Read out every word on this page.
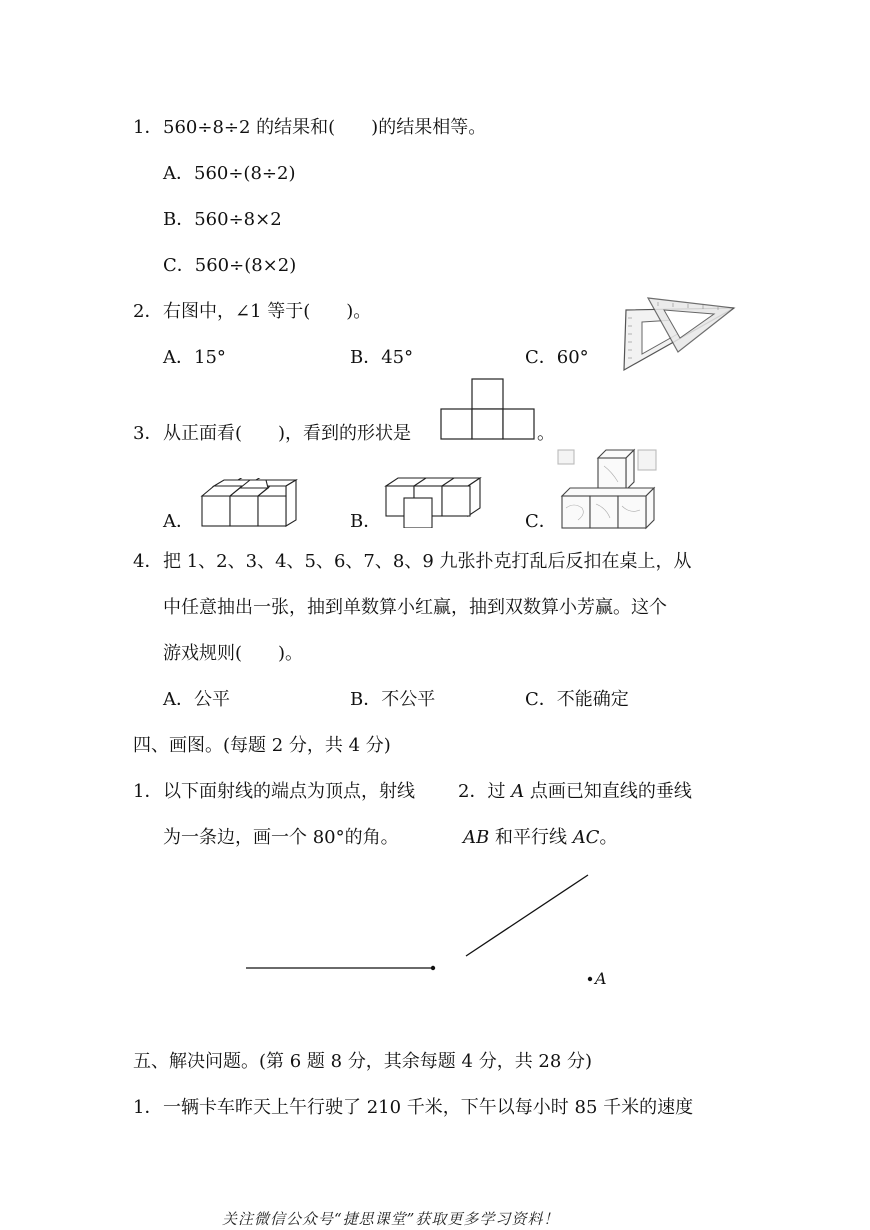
1． 560÷8÷2 的结果和(　　)的结果相等。
A．560÷(8÷2)
B．560÷8×2
C．560÷(8×2)
2． 右图中，∠1 等于(　　)。
A．15°	B．45°	C．60°
3． 从正面看(　　)，看到的形状是	。
A．	B．	C．
4． 把 1、2、3、4、5、6、7、8、9 九张扑克打乱后反扣在桌上，从
中任意抽出一张，抽到单数算小红赢，抽到双数算小芳赢。这个
游戏规则(　　)。
A．公平	B．不公平	C．不能确定
四、画图。(每题 2 分，共 4 分)
1． 以下面射线的端点为顶点，射线
为一条边，画一个 80°的角。
2．过 A 点画已知直线的垂线
AB 和平行线 AC。
A
五、解决问题。(第 6 题 8 分，其余每题 4 分，共 28 分)
1． 一辆卡车昨天上午行驶了 210 千米，下午以每小时 85 千米的速度
关注微信公众号“捷思课堂”获取更多学习资料！
